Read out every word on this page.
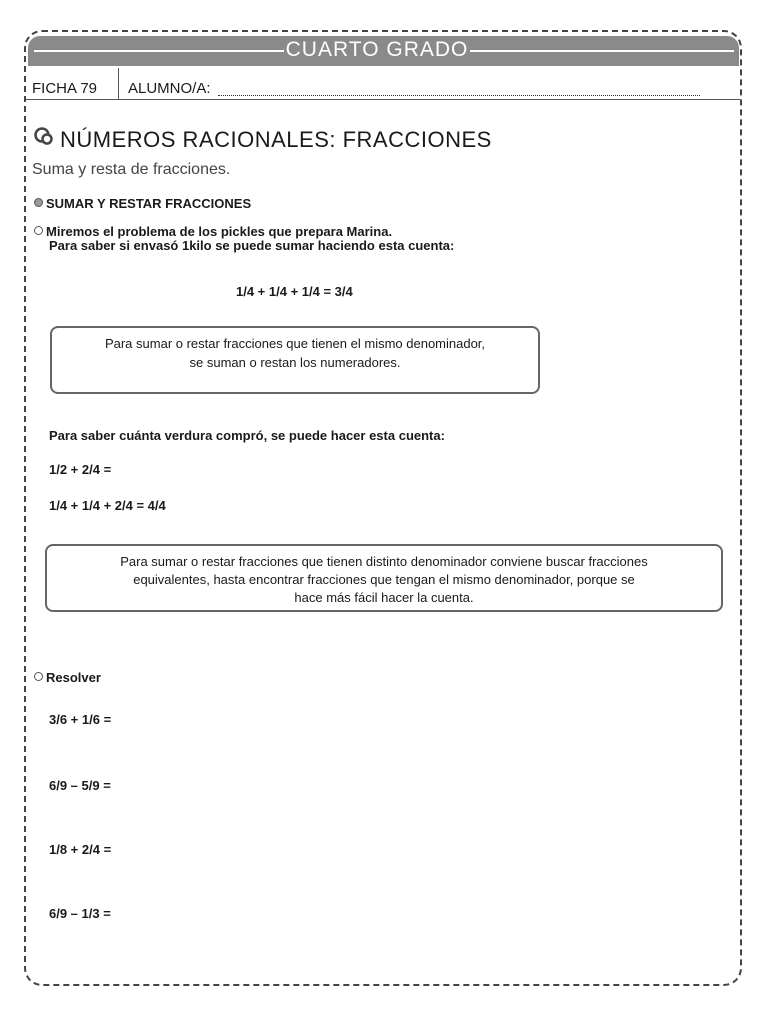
CUARTO GRADO
FICHA 79 ALUMNO/A:
NÚMEROS RACIONALES: FRACCIONES
Suma y resta de fracciones.
SUMAR Y RESTAR FRACCIONES
Miremos el problema de los pickles que prepara Marina.
Para saber si envasó 1kilo se puede sumar haciendo esta cuenta:
1/4 + 1/4 + 1/4 = 3/4
Para sumar o restar fracciones que tienen el mismo denominador,
se suman o restan los numeradores.
Para saber cuánta verdura compró, se puede hacer esta cuenta:
1/2 + 2/4 =
1/4 + 1/4 + 2/4 = 4/4
Para sumar o restar fracciones que tienen distinto denominador conviene buscar fracciones
equivalentes, hasta encontrar fracciones que tengan el mismo denominador, porque se
hace más fácil hacer la cuenta.
Resolver
3/6 + 1/6 =
6/9 – 5/9 =
1/8 + 2/4 =
6/9 – 1/3 =
